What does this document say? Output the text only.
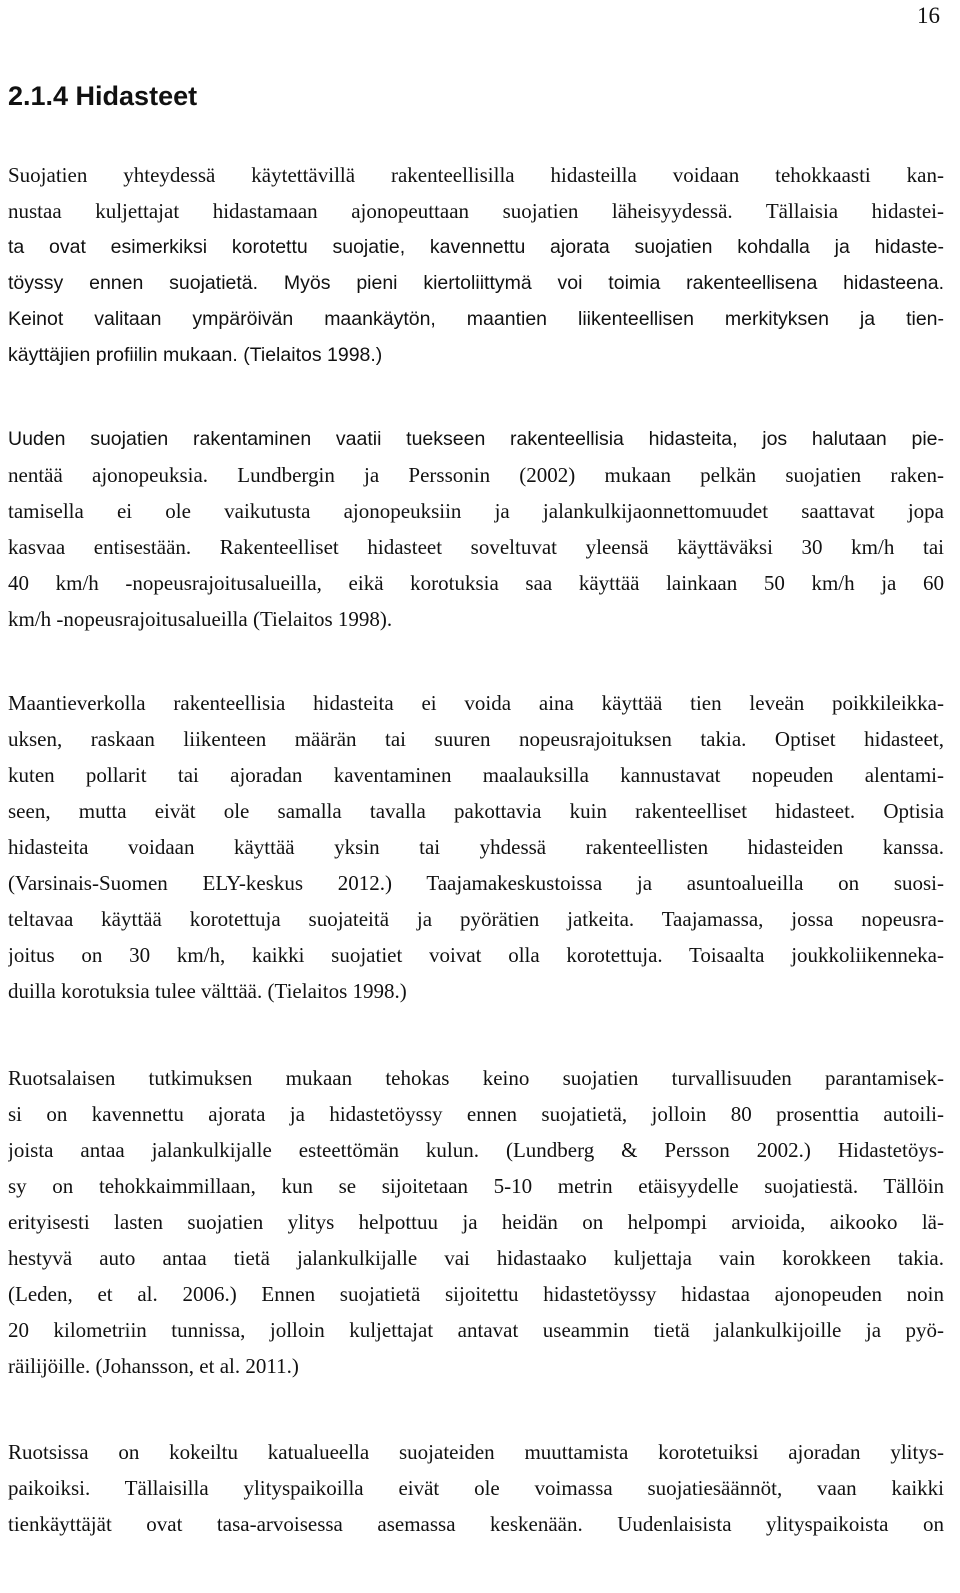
16
2.1.4 Hidasteet
Suojatien yhteydessä käytettävillä rakenteellisilla hidasteilla voidaan tehokkaasti kan-
nustaa kuljettajat hidastamaan ajonopeuttaan suojatien läheisyydessä. Tällaisia hidastei-
ta ovat esimerkiksi korotettu suojatie, kavennettu ajorata suojatien kohdalla ja hidaste-
töyssy ennen suojatietä. Myös pieni kiertoliittymä voi toimia rakenteellisena hidasteena.
Keinot valitaan ympäröivän maankäytön, maantien liikenteellisen merkityksen ja tien-
käyttäjien profiilin mukaan. (Tielaitos 1998.)
Uuden suojatien rakentaminen vaatii tuekseen rakenteellisia hidasteita, jos halutaan pie-
nentää ajonopeuksia. Lundbergin ja Perssonin (2002) mukaan pelkän suojatien raken-
tamisella ei ole vaikutusta ajonopeuksiin ja jalankulkijaonnettomuudet saattavat jopa
kasvaa entisestään. Rakenteelliset hidasteet soveltuvat yleensä käyttäväksi 30 km/h tai
40 km/h -nopeusrajoitusalueilla, eikä korotuksia saa käyttää lainkaan 50 km/h ja 60
km/h -nopeusrajoitusalueilla (Tielaitos 1998).
Maantieverkolla rakenteellisia hidasteita ei voida aina käyttää tien leveän poikkileikka-
uksen, raskaan liikenteen määrän tai suuren nopeusrajoituksen takia. Optiset hidasteet,
kuten pollarit tai ajoradan kaventaminen maalauksilla kannustavat nopeuden alentami-
seen, mutta eivät ole samalla tavalla pakottavia kuin rakenteelliset hidasteet. Optisia
hidasteita voidaan käyttää yksin tai yhdessä rakenteellisten hidasteiden kanssa.
(Varsinais-Suomen ELY-keskus 2012.) Taajamakeskustoissa ja asuntoalueilla on suosi-
teltavaa käyttää korotettuja suojateitä ja pyörätien jatkeita. Taajamassa, jossa nopeusra-
joitus on 30 km/h, kaikki suojatiet voivat olla korotettuja. Toisaalta joukkoliikenneka-
duilla korotuksia tulee välttää. (Tielaitos 1998.)
Ruotsalaisen tutkimuksen mukaan tehokas keino suojatien turvallisuuden parantamisek-
si on kavennettu ajorata ja hidastetöyssy ennen suojatietä, jolloin 80 prosenttia autoili-
joista antaa jalankulkijalle esteettömän kulun. (Lundberg & Persson 2002.) Hidastetöys-
sy on tehokkaimmillaan, kun se sijoitetaan 5-10 metrin etäisyydelle suojatiestä. Tällöin
erityisesti lasten suojatien ylitys helpottuu ja heidän on helpompi arvioida, aikooko lä-
hestyvä auto antaa tietä jalankulkijalle vai hidastaako kuljettaja vain korokkeen takia.
(Leden, et al. 2006.) Ennen suojatietä sijoitettu hidastetöyssy hidastaa ajonopeuden noin
20 kilometriin tunnissa, jolloin kuljettajat antavat useammin tietä jalankulkijoille ja pyö-
räilijöille. (Johansson, et al. 2011.)
Ruotsissa on kokeiltu katualueella suojateiden muuttamista korotetuiksi ajoradan ylitys-
paikoiksi. Tällaisilla ylityspaikoilla eivät ole voimassa suojatiesäännöt, vaan kaikki
tienkäyttäjät ovat tasa-arvoisessa asemassa keskenään. Uudenlaisista ylityspaikoista on
